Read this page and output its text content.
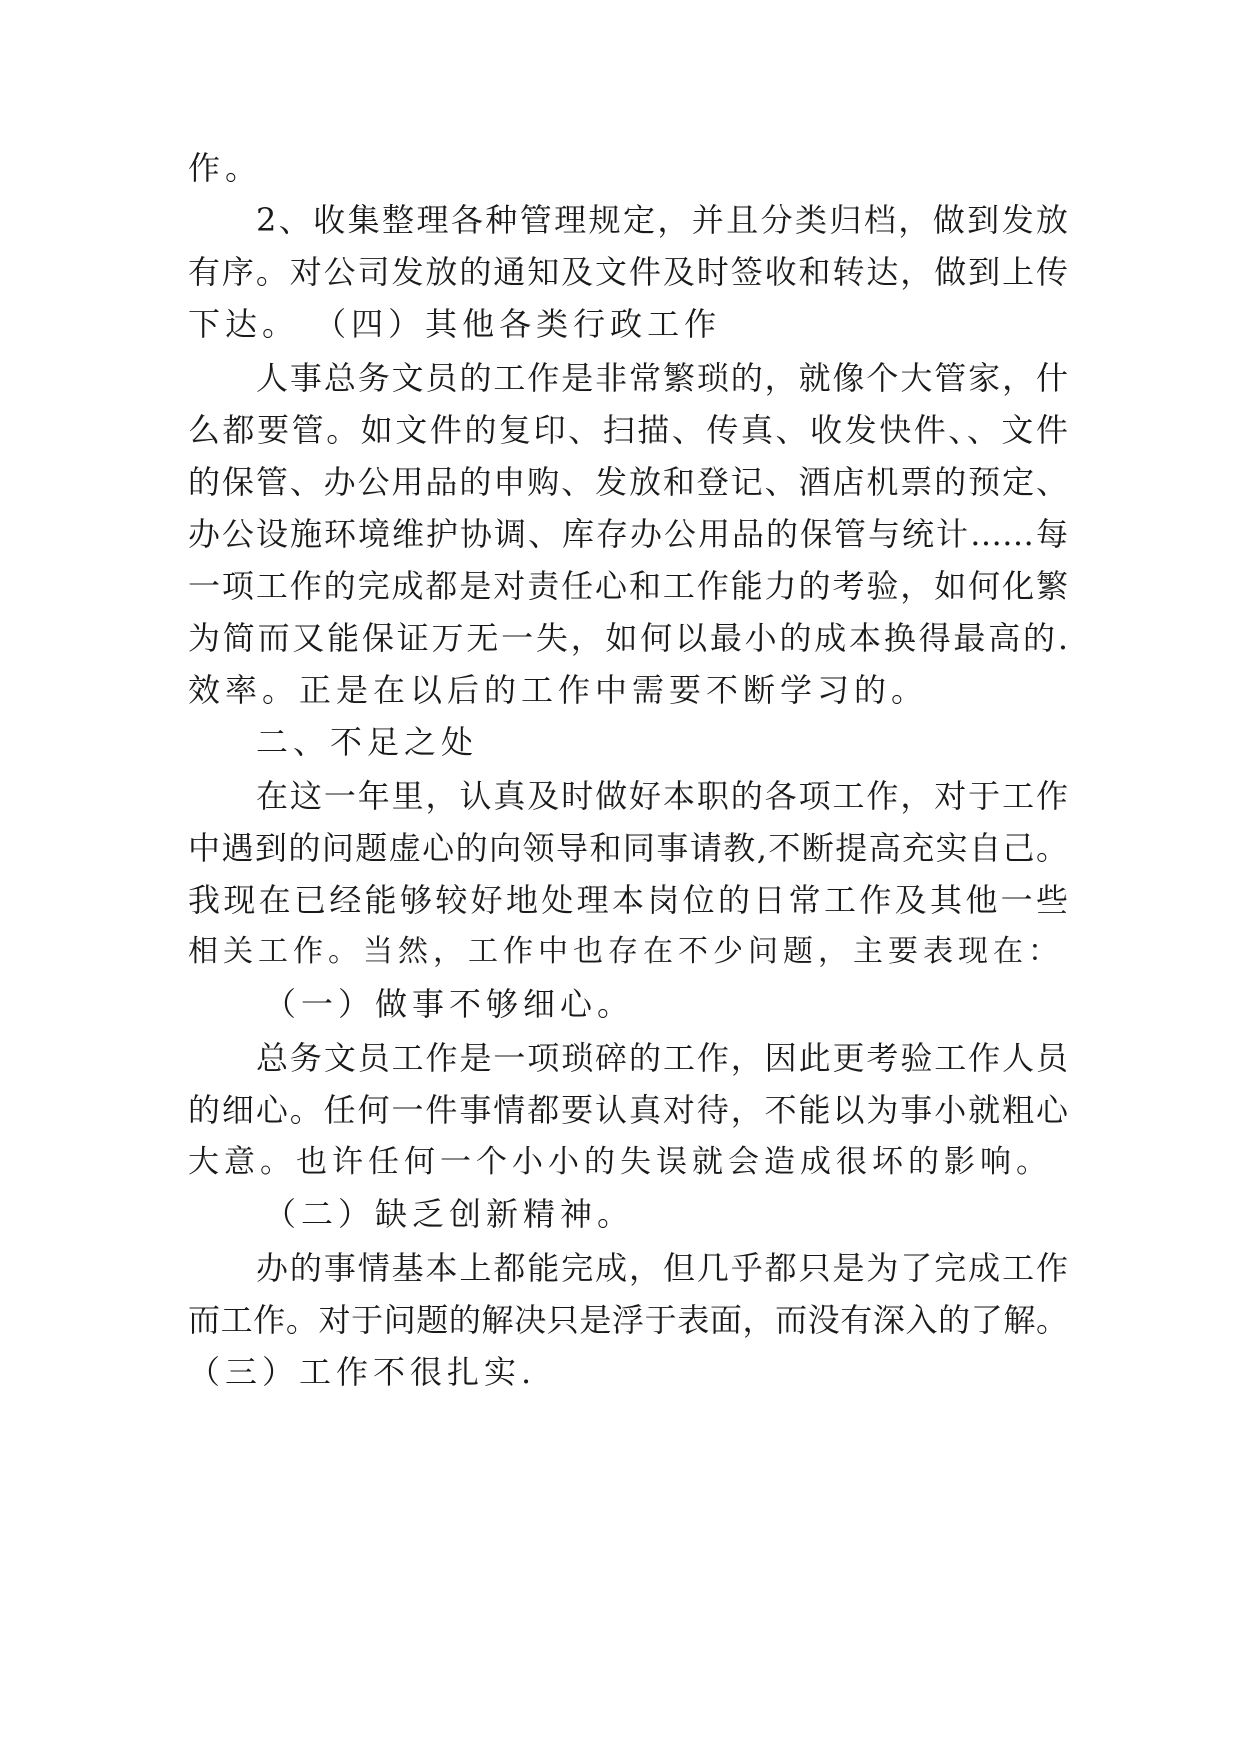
作。
2、收集整理各种管理规定，并且分类归档，做到发放
有序。对公司发放的通知及文件及时签收和转达，做到上传
下达。 （四）其他各类行政工作
人事总务文员的工作是非常繁琐的，就像个大管家，什
么都要管。如文件的复印、扫描、传真、收发快件、、文件
的保管、办公用品的申购、发放和登记、酒店机票的预定、
办公设施环境维护协调、库存办公用品的保管与统计……每
一项工作的完成都是对责任心和工作能力的考验，如何化繁
为简而又能保证万无一失，如何以最小的成本换得最高的.
效率。正是在以后的工作中需要不断学习的。
二、不足之处
在这一年里，认真及时做好本职的各项工作，对于工作
中遇到的问题虚心的向领导和同事请教,不断提高充实自己。
我现在已经能够较好地处理本岗位的日常工作及其他一些
相关工作。当然，工作中也存在不少问题，主要表现在：
（一）做事不够细心。
总务文员工作是一项琐碎的工作，因此更考验工作人员
的细心。任何一件事情都要认真对待，不能以为事小就粗心
大意。也许任何一个小小的失误就会造成很坏的影响。
（二）缺乏创新精神。
办的事情基本上都能完成，但几乎都只是为了完成工作
而工作。对于问题的解决只是浮于表面，而没有深入的了解。
（三）工作不很扎实.
